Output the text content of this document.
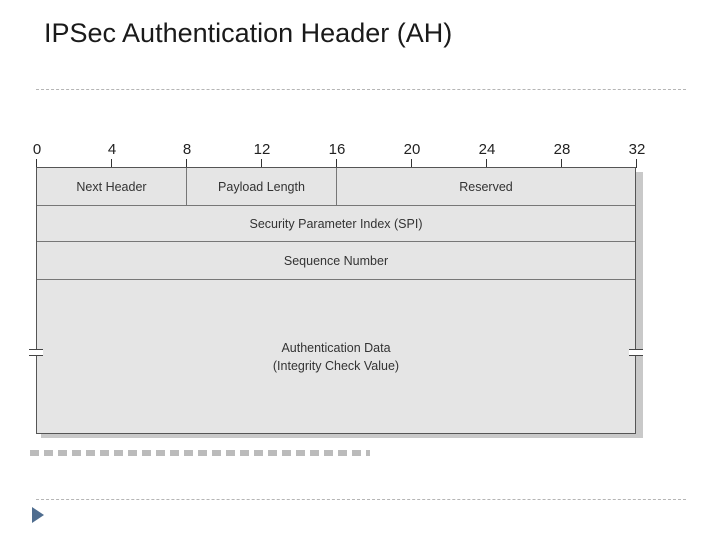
IPSec Authentication Header (AH)
0	4	8	12	16	20	24	28	32
Next Header	Payload Length	Reserved
Security Parameter Index (SPI)
Sequence Number
Authentication Data
(Integrity Check Value)
